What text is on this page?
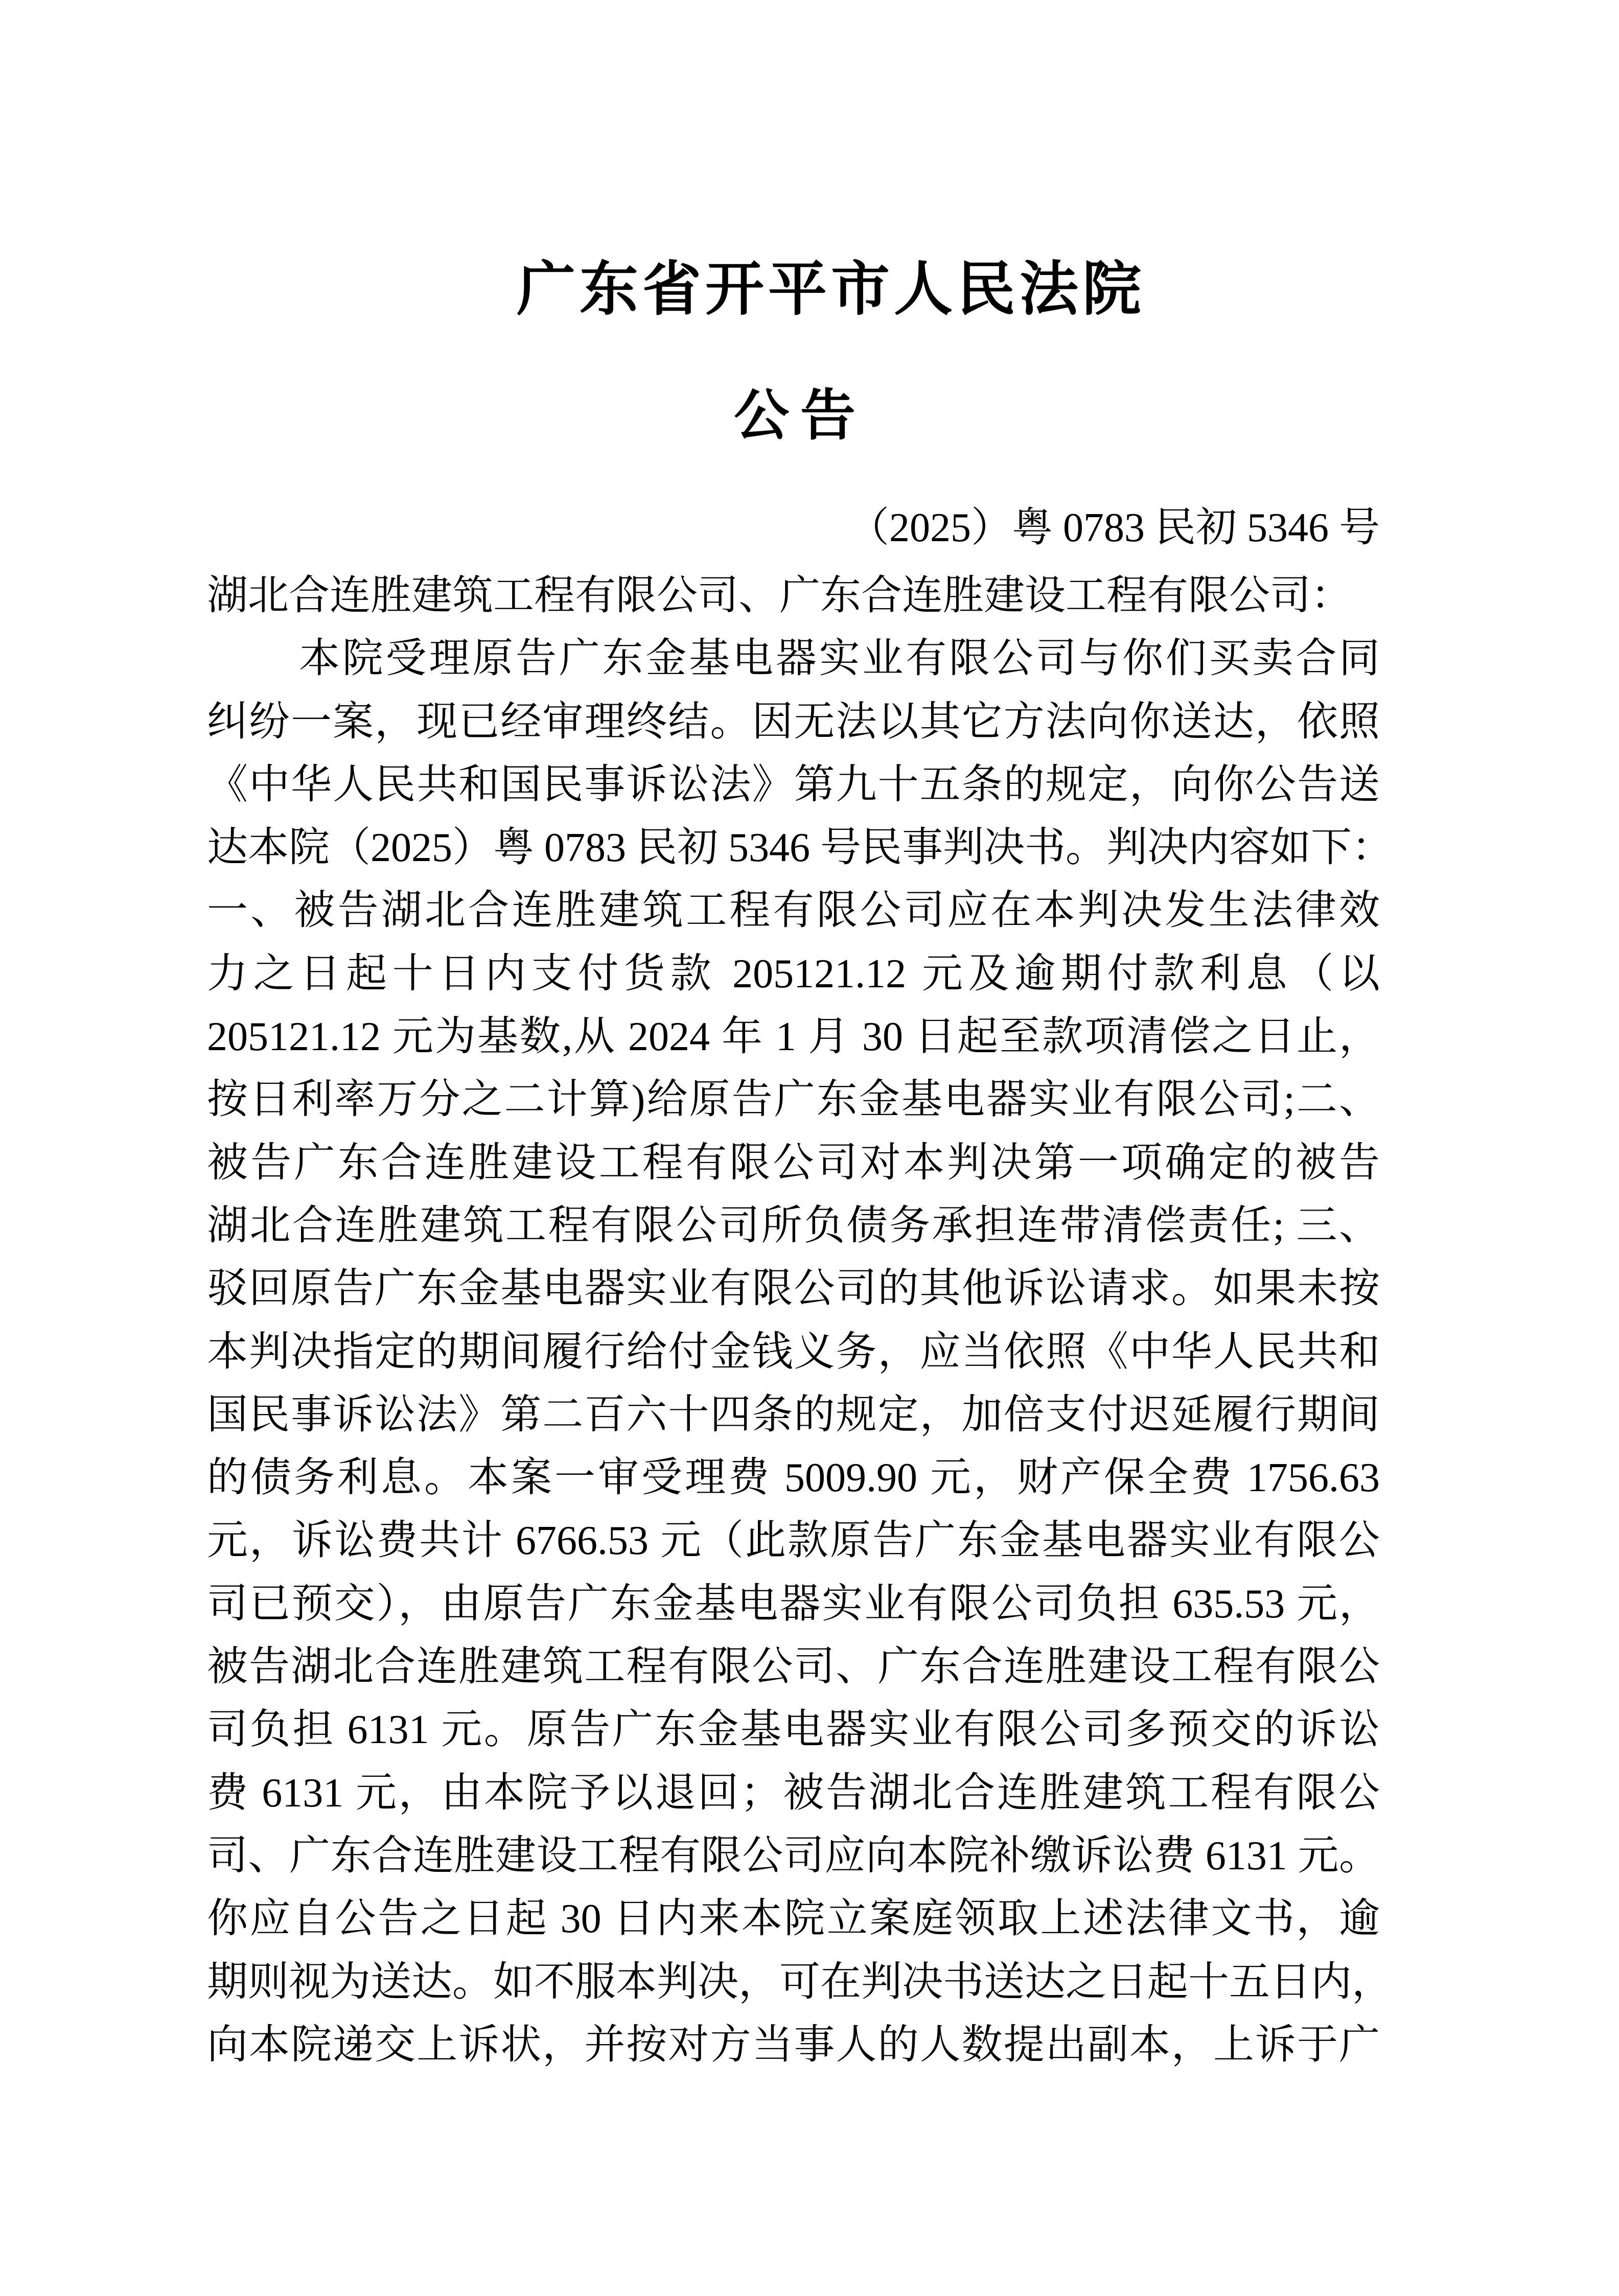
广东省开平市人民法院
公告
（2025）粤 0783 民初 5346 号
湖北合连胜建筑工程有限公司、广东合连胜建设工程有限公司：
本院受理原告广东金基电器实业有限公司与你们买卖合同
纠纷一案，现已经审理终结。因无法以其它方法向你送达，依照
《中华人民共和国民事诉讼法》第九十五条的规定，向你公告送
达本院（2025）粤 0783 民初 5346 号民事判决书。判决内容如下：
一、被告湖北合连胜建筑工程有限公司应在本判决发生法律效
力之日起十日内支付货款 205121.12 元及逾期付款利息（以
205121.12 元为基数,从 2024 年 1 月 30 日起至款项清偿之日止，
按日利率万分之二计算)给原告广东金基电器实业有限公司;二、
被告广东合连胜建设工程有限公司对本判决第一项确定的被告
湖北合连胜建筑工程有限公司所负债务承担连带清偿责任; 三、
驳回原告广东金基电器实业有限公司的其他诉讼请求。如果未按
本判决指定的期间履行给付金钱义务，应当依照《中华人民共和
国民事诉讼法》第二百六十四条的规定，加倍支付迟延履行期间
的债务利息。本案一审受理费 5009.90 元，财产保全费 1756.63
元，诉讼费共计 6766.53 元（此款原告广东金基电器实业有限公
司已预交），由原告广东金基电器实业有限公司负担 635.53 元，
被告湖北合连胜建筑工程有限公司、广东合连胜建设工程有限公
司负担 6131 元。原告广东金基电器实业有限公司多预交的诉讼
费 6131 元，由本院予以退回；被告湖北合连胜建筑工程有限公
司、广东合连胜建设工程有限公司应向本院补缴诉讼费 6131 元。
你应自公告之日起 30 日内来本院立案庭领取上述法律文书，逾
期则视为送达。如不服本判决，可在判决书送达之日起十五日内，
向本院递交上诉状，并按对方当事人的人数提出副本，上诉于广
